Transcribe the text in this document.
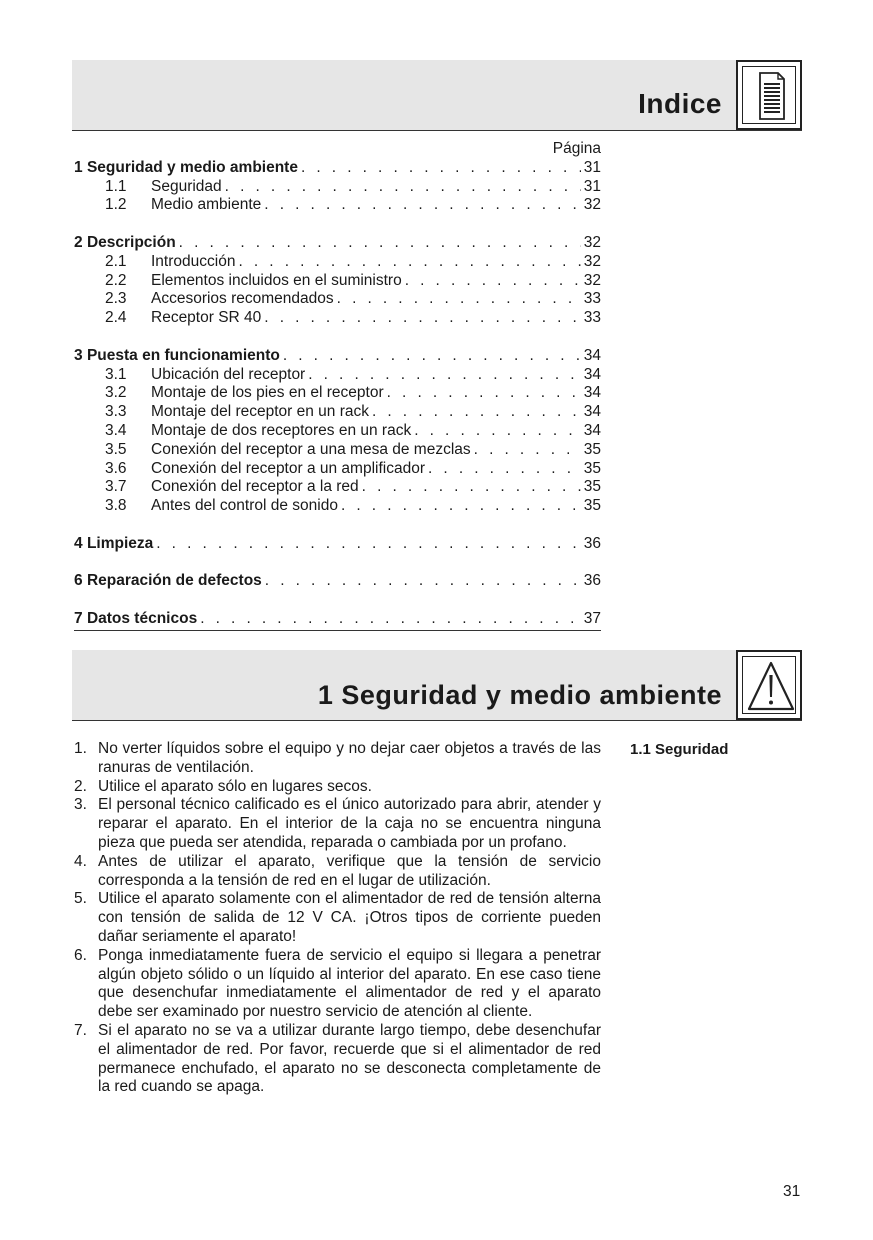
Indice
Página
1 Seguridad y medio ambiente . . .	31
1.1	Seguridad . . .	31
1.2	Medio ambiente . . .	32
2 Descripción . . .	32
2.1	Introducción . . .	32
2.2	Elementos incluidos en el suministro . . .	32
2.3	Accesorios recomendados . . .	33
2.4	Receptor SR 40 . . .	33
3 Puesta en funcionamiento . . .	34
3.1	Ubicación del receptor . . .	34
3.2	Montaje de los pies en el receptor . . .	34
3.3	Montaje del receptor en un rack . . .	34
3.4	Montaje de dos receptores en un rack . . .	34
3.5	Conexión del receptor a una mesa de mezclas . . .	35
3.6	Conexión del receptor a un amplificador . . .	35
3.7	Conexión del receptor a la red . . .	35
3.8	Antes del control de sonido . . .	35
4 Limpieza . . .	36
6 Reparación de defectos . . .	36
7 Datos técnicos . . .	37
1 Seguridad y medio ambiente
1.1 Seguridad
1. No verter líquidos sobre el equipo y no dejar caer objetos a través de las ranuras de ventilación.
2. Utilice el aparato sólo en lugares secos.
3. El personal técnico calificado es el único autorizado para abrir, atender y reparar el aparato. En el interior de la caja no se encuentra ninguna pieza que pueda ser atendida, reparada o cambiada por un profano.
4. Antes de utilizar el aparato, verifique que la tensión de servicio corresponda a la tensión de red en el lugar de utilización.
5. Utilice el aparato solamente con el alimentador de red de tensión alterna con tensión de salida de 12 V CA. ¡Otros tipos de corriente pueden dañar seriamente el aparato!
6. Ponga inmediatamente fuera de servicio el equipo si llegara a penetrar algún objeto sólido o un líquido al interior del aparato. En ese caso tiene que desenchufar inmediatamente el alimentador de red y el aparato debe ser examinado por nuestro servicio de atención al cliente.
7. Si el aparato no se va a utilizar durante largo tiempo, debe desenchufar el alimentador de red. Por favor, recuerde que si el alimentador de red permanece enchufado, el aparato no se desconecta completamente de la red cuando se apaga.
31
